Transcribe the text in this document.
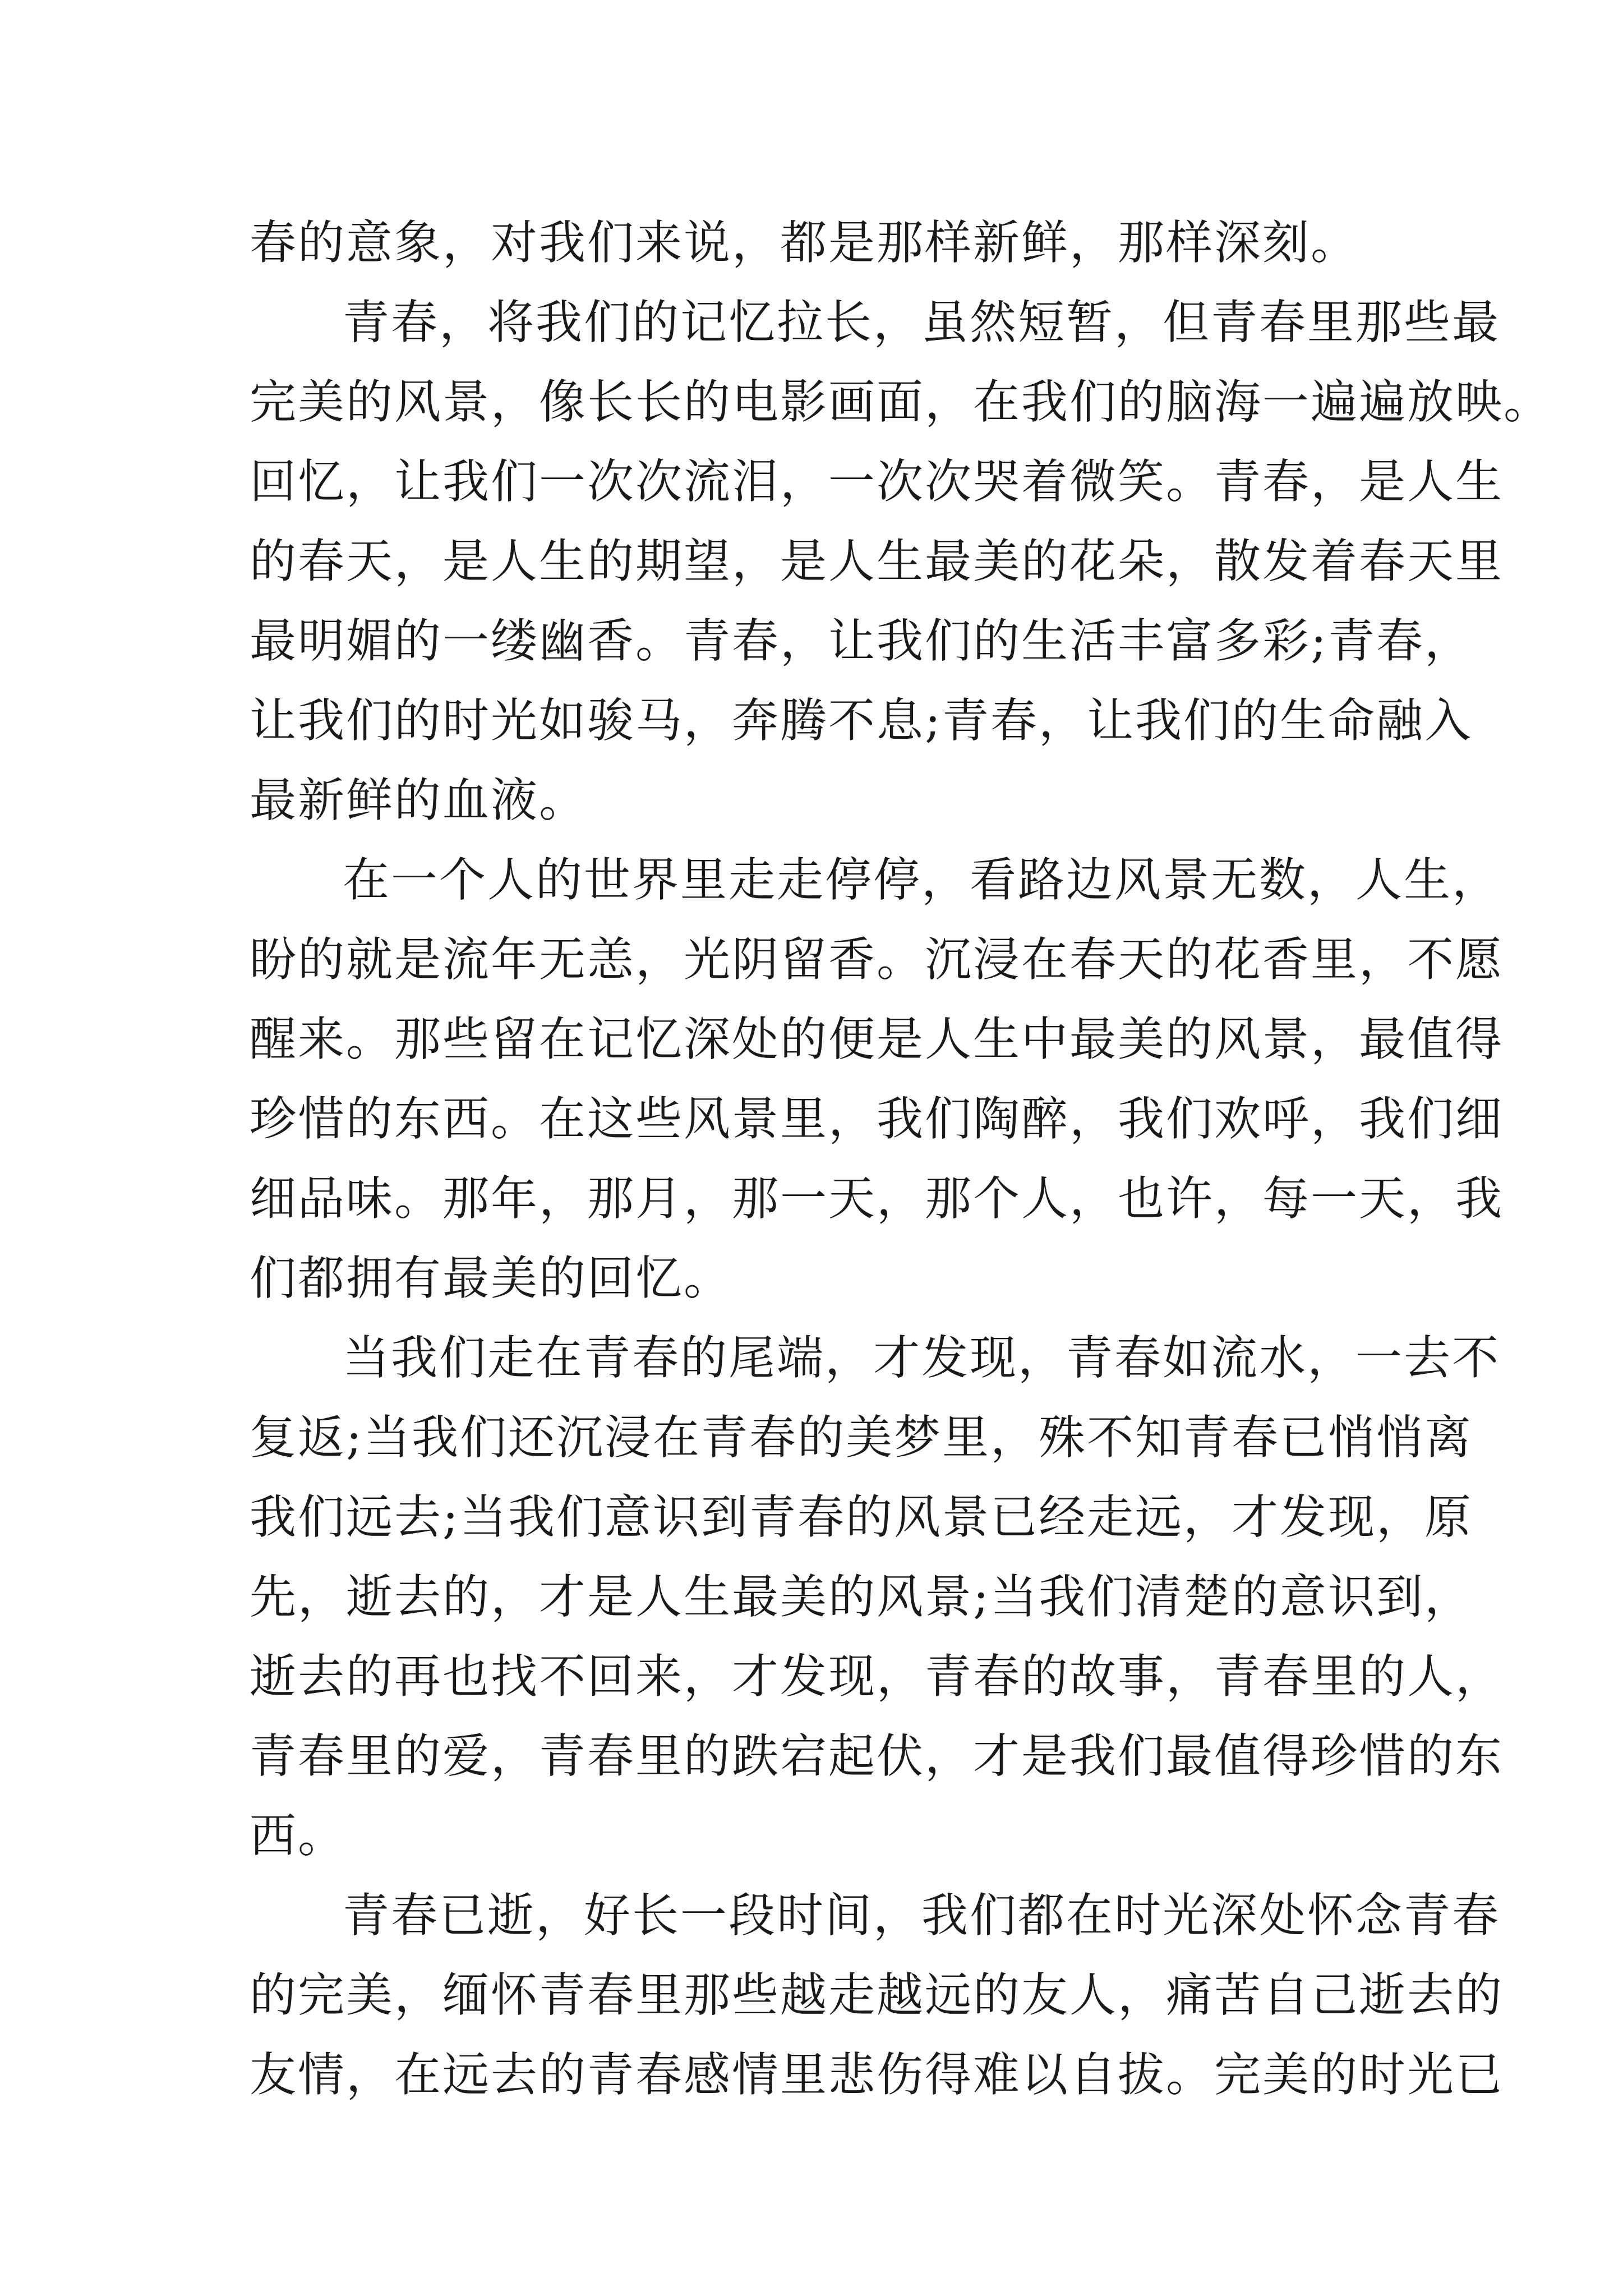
春的意象，对我们来说，都是那样新鲜，那样深刻。
青春，将我们的记忆拉长，虽然短暂，但青春里那些最
完美的风景，像长长的电影画面，在我们的脑海一遍遍放映。
回忆，让我们一次次流泪，一次次哭着微笑。青春，是人生
的春天，是人生的期望，是人生最美的花朵，散发着春天里
最明媚的一缕幽香。青春，让我们的生活丰富多彩;青春，
让我们的时光如骏马，奔腾不息;青春，让我们的生命融入
最新鲜的血液。
在一个人的世界里走走停停，看路边风景无数，人生，
盼的就是流年无恙，光阴留香。沉浸在春天的花香里，不愿
醒来。那些留在记忆深处的便是人生中最美的风景，最值得
珍惜的东西。在这些风景里，我们陶醉，我们欢呼，我们细
细品味。那年，那月，那一天，那个人，也许，每一天，我
们都拥有最美的回忆。
当我们走在青春的尾端，才发现，青春如流水，一去不
复返;当我们还沉浸在青春的美梦里，殊不知青春已悄悄离
我们远去;当我们意识到青春的风景已经走远，才发现，原
先，逝去的，才是人生最美的风景;当我们清楚的意识到，
逝去的再也找不回来，才发现，青春的故事，青春里的人，
青春里的爱，青春里的跌宕起伏，才是我们最值得珍惜的东
西。
青春已逝，好长一段时间，我们都在时光深处怀念青春
的完美，缅怀青春里那些越走越远的友人，痛苦自己逝去的
友情，在远去的青春感情里悲伤得难以自拔。完美的时光已
